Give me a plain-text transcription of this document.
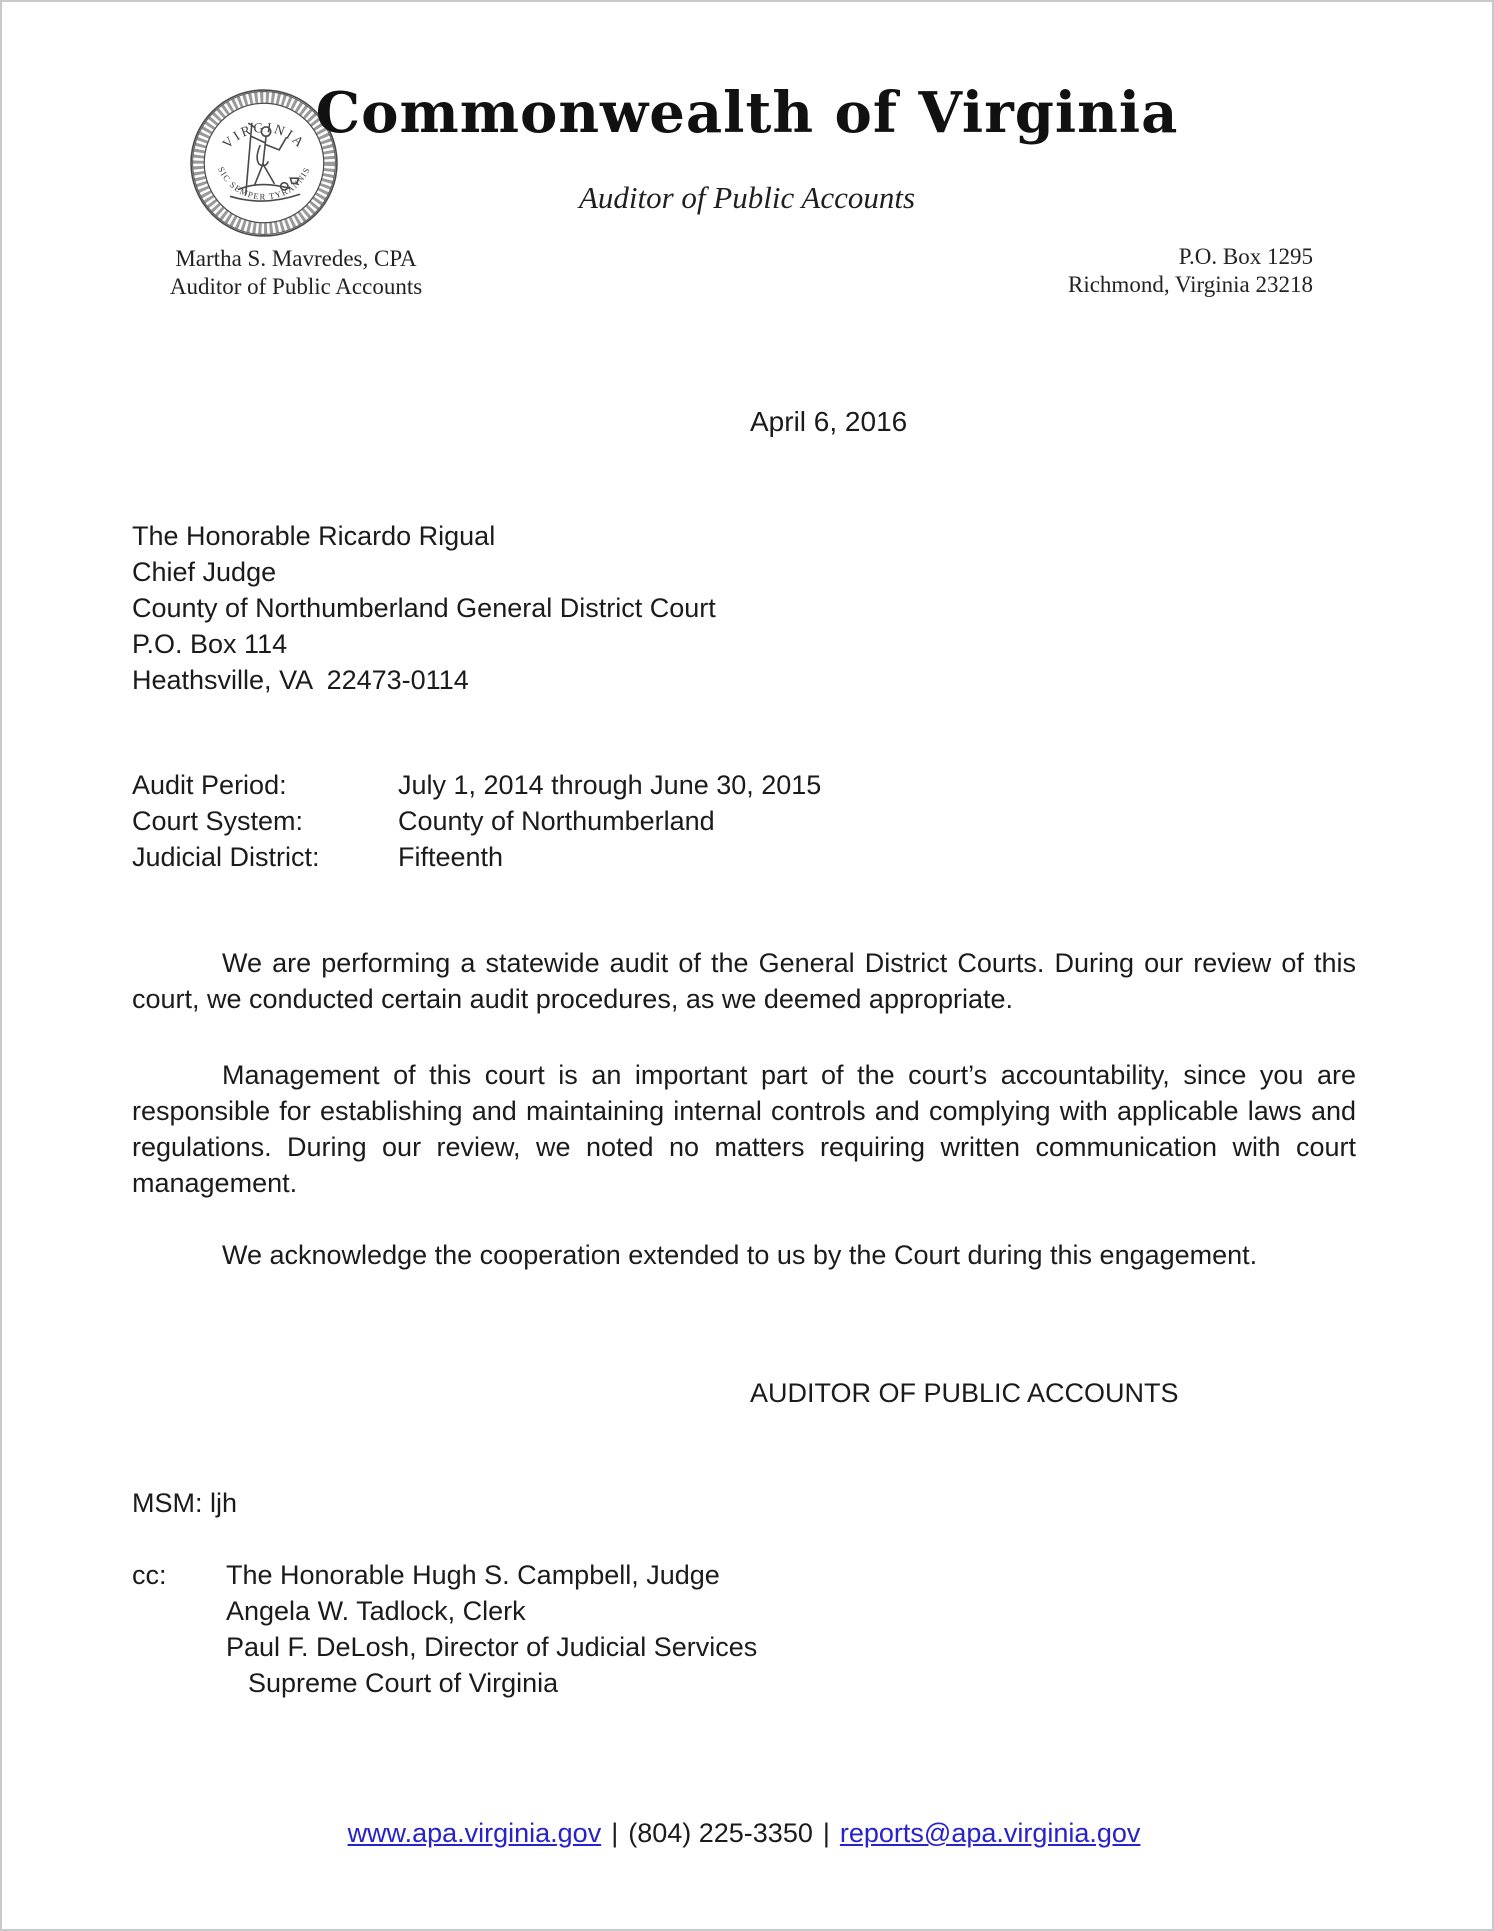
VIRGINIA
SIC SEMPER TYRANNIS
Commonwealth of Virginia
Auditor of Public Accounts
Martha S. Mavredes, CPA
Auditor of Public Accounts
P.O. Box 1295
Richmond, Virginia 23218
April 6, 2016
The Honorable Ricardo Rigual
Chief Judge
County of Northumberland General District Court
P.O. Box 114
Heathsville, VA  22473-0114
Audit Period:	July 1, 2014 through June 30, 2015
Court System:	County of Northumberland
Judicial District:	Fifteenth

We are performing a statewide audit of the General District Courts. During our review of this court, we conducted certain audit procedures, as we deemed appropriate.

Management of this court is an important part of the court’s accountability, since you are responsible for establishing and maintaining internal controls and complying with applicable laws and regulations. During our review, we noted no matters requiring written communication with court management.

We acknowledge the cooperation extended to us by the Court during this engagement.

AUDITOR OF PUBLIC ACCOUNTS
MSM: ljh
cc:	The Honorable Hugh S. Campbell, Judge
Angela W. Tadlock, Clerk
Paul F. DeLosh, Director of Judicial Services
Supreme Court of Virginia
www.apa.virginia.gov | (804) 225-3350 | reports@apa.virginia.gov
